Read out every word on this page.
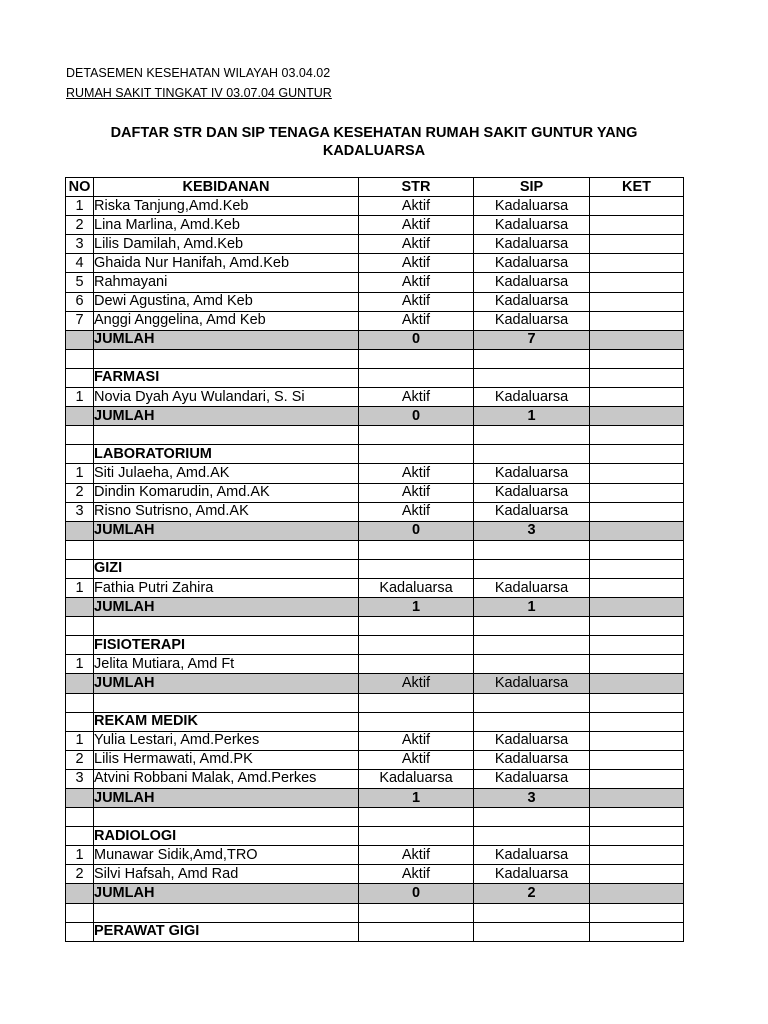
DETASEMEN KESEHATAN WILAYAH 03.04.02
RUMAH SAKIT TINGKAT IV 03.07.04 GUNTUR
DAFTAR STR DAN SIP TENAGA KESEHATAN RUMAH SAKIT GUNTUR YANG
KADALUARSA
NO	KEBIDANAN	STR	SIP	KET
1	Riska Tanjung,Amd.Keb	Aktif	Kadaluarsa	
2	Lina Marlina, Amd.Keb	Aktif	Kadaluarsa	
3	Lilis Damilah, Amd.Keb	Aktif	Kadaluarsa	
4	Ghaida Nur Hanifah, Amd.Keb	Aktif	Kadaluarsa	
5	Rahmayani	Aktif	Kadaluarsa	
6	Dewi Agustina, Amd Keb	Aktif	Kadaluarsa	
7	Anggi Anggelina, Amd Keb	Aktif	Kadaluarsa	
	JUMLAH	0	7	

	FARMASI			
1	Novia Dyah Ayu Wulandari, S. Si	Aktif	Kadaluarsa	
	JUMLAH	0	1	

	LABORATORIUM			
1	Siti Julaeha, Amd.AK	Aktif	Kadaluarsa	
2	Dindin Komarudin, Amd.AK	Aktif	Kadaluarsa	
3	Risno Sutrisno, Amd.AK	Aktif	Kadaluarsa	
	JUMLAH	0	3	

	GIZI			
1	Fathia Putri Zahira	Kadaluarsa	Kadaluarsa	
	JUMLAH	1	1	

	FISIOTERAPI			
1	Jelita Mutiara, Amd Ft			
	JUMLAH	Aktif	Kadaluarsa	

	REKAM MEDIK			
1	Yulia Lestari, Amd.Perkes	Aktif	Kadaluarsa	
2	Lilis Hermawati, Amd.PK	Aktif	Kadaluarsa	
3	Atvini Robbani Malak, Amd.Perkes	Kadaluarsa	Kadaluarsa	
	JUMLAH	1	3	

	RADIOLOGI			
1	Munawar Sidik,Amd,TRO	Aktif	Kadaluarsa	
2	Silvi Hafsah, Amd Rad	Aktif	Kadaluarsa	
	JUMLAH	0	2	

	PERAWAT GIGI			
